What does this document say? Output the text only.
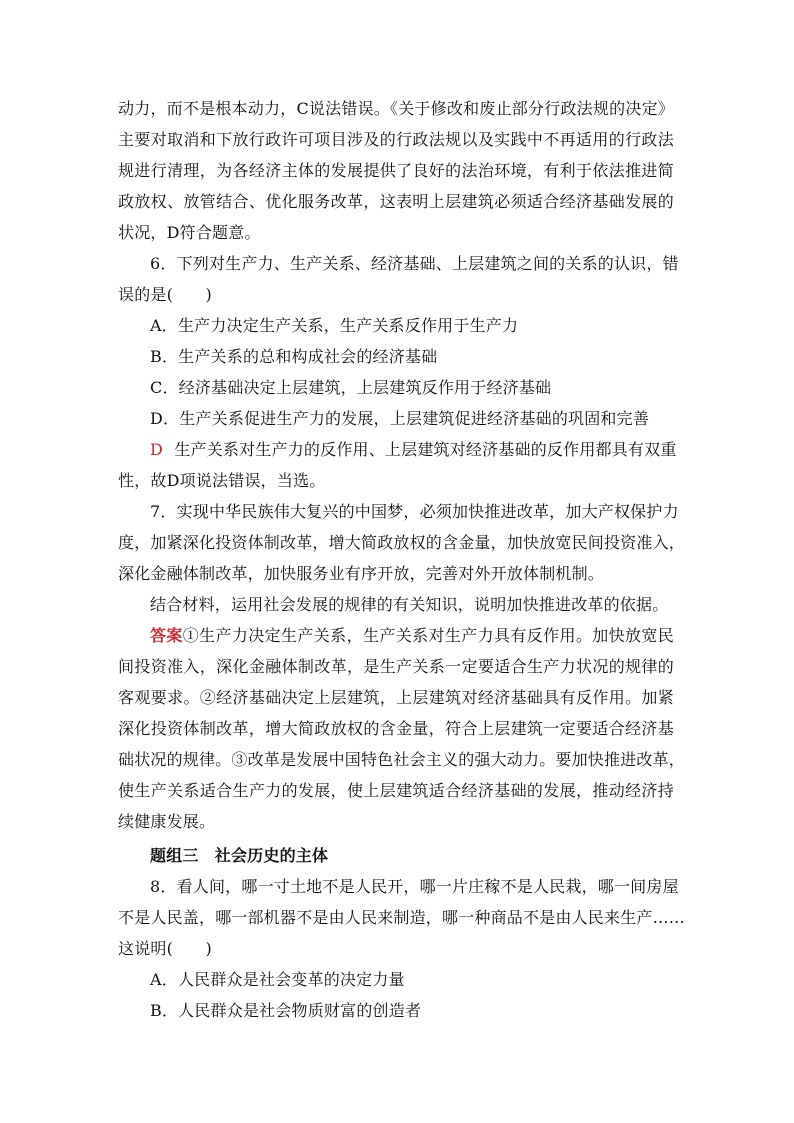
动力，而不是根本动力，C说法错误。《关于修改和废止部分行政法规的决定》
主要对取消和下放行政许可项目涉及的行政法规以及实践中不再适用的行政法
规进行清理，为各经济主体的发展提供了良好的法治环境，有利于依法推进简
政放权、放管结合、优化服务改革，这表明上层建筑必须适合经济基础发展的
状况，D符合题意。
6．下列对生产力、生产关系、经济基础、上层建筑之间的关系的认识，错
误的是(　　)
A．生产力决定生产关系，生产关系反作用于生产力
B．生产关系的总和构成社会的经济基础
C．经济基础决定上层建筑，上层建筑反作用于经济基础
D．生产关系促进生产力的发展，上层建筑促进经济基础的巩固和完善
D 生产关系对生产力的反作用、上层建筑对经济基础的反作用都具有双重
性，故D项说法错误，当选。
7．实现中华民族伟大复兴的中国梦，必须加快推进改革，加大产权保护力
度，加紧深化投资体制改革，增大简政放权的含金量，加快放宽民间投资准入，
深化金融体制改革，加快服务业有序开放，完善对外开放体制机制。
结合材料，运用社会发展的规律的有关知识，说明加快推进改革的依据。
答案①生产力决定生产关系，生产关系对生产力具有反作用。加快放宽民
间投资准入，深化金融体制改革，是生产关系一定要适合生产力状况的规律的
客观要求。②经济基础决定上层建筑，上层建筑对经济基础具有反作用。加紧
深化投资体制改革，增大简政放权的含金量，符合上层建筑一定要适合经济基
础状况的规律。③改革是发展中国特色社会主义的强大动力。要加快推进改革，
使生产关系适合生产力的发展，使上层建筑适合经济基础的发展，推动经济持
续健康发展。
题组三　社会历史的主体
8．看人间，哪一寸土地不是人民开，哪一片庄稼不是人民栽，哪一间房屋
不是人民盖，哪一部机器不是由人民来制造，哪一种商品不是由人民来生产……
这说明(　　)
A．人民群众是社会变革的决定力量
B．人民群众是社会物质财富的创造者
